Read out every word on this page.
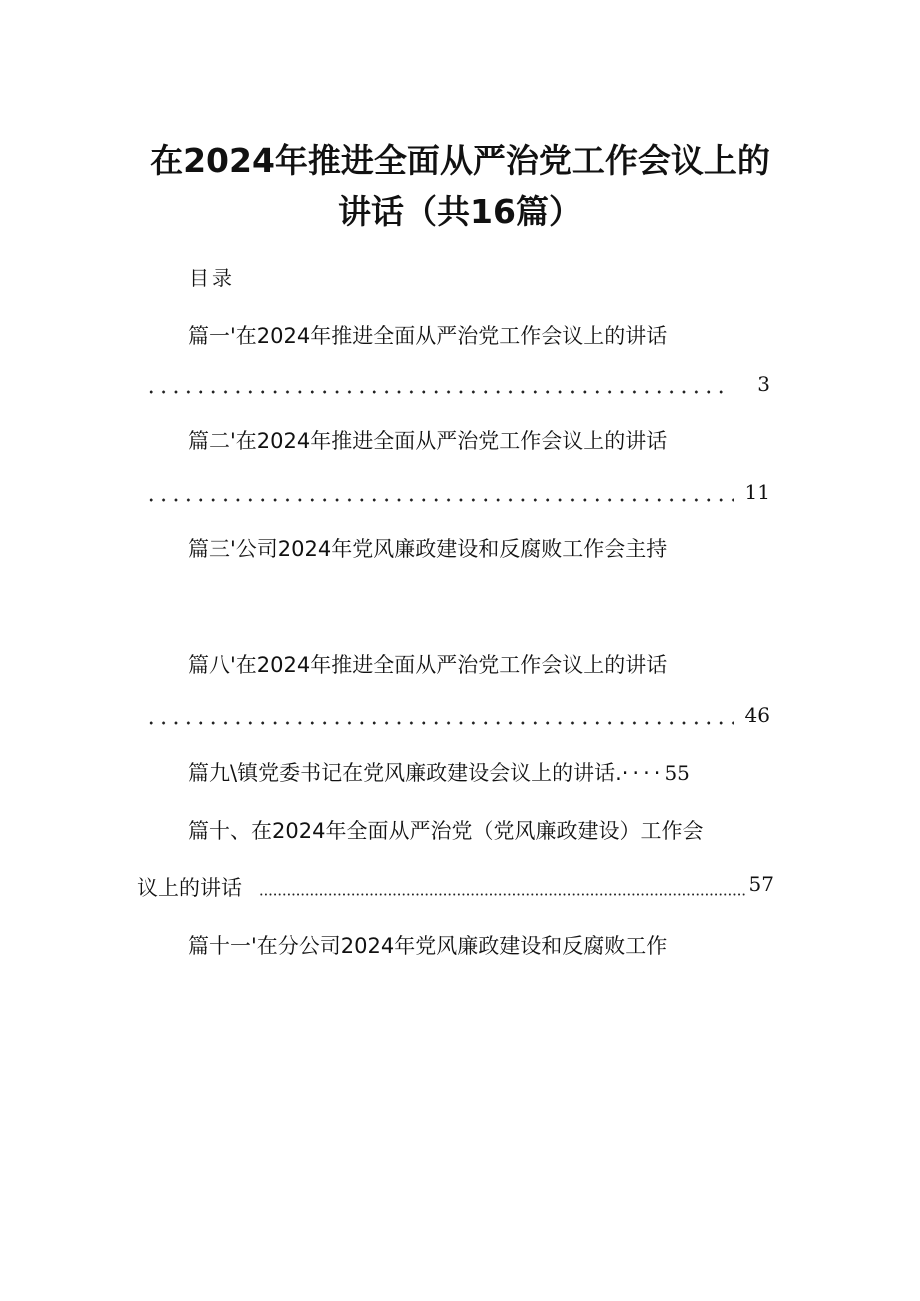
在2024年推进全面从严治党工作会议上的
讲话（共16篇）
目录
篇一'在2024年推进全面从严治党工作会议上的讲话
3
篇二'在2024年推进全面从严治党工作会议上的讲话
11
篇三'公司2024年党风廉政建设和反腐败工作会主持
篇八'在2024年推进全面从严治党工作会议上的讲话
46
篇九\镇党委书记在党风廉政建设会议上的讲话.····55
篇十、在2024年全面从严治党（党风廉政建设）工作会
议上的讲话	57
篇十一'在分公司2024年党风廉政建设和反腐败工作
